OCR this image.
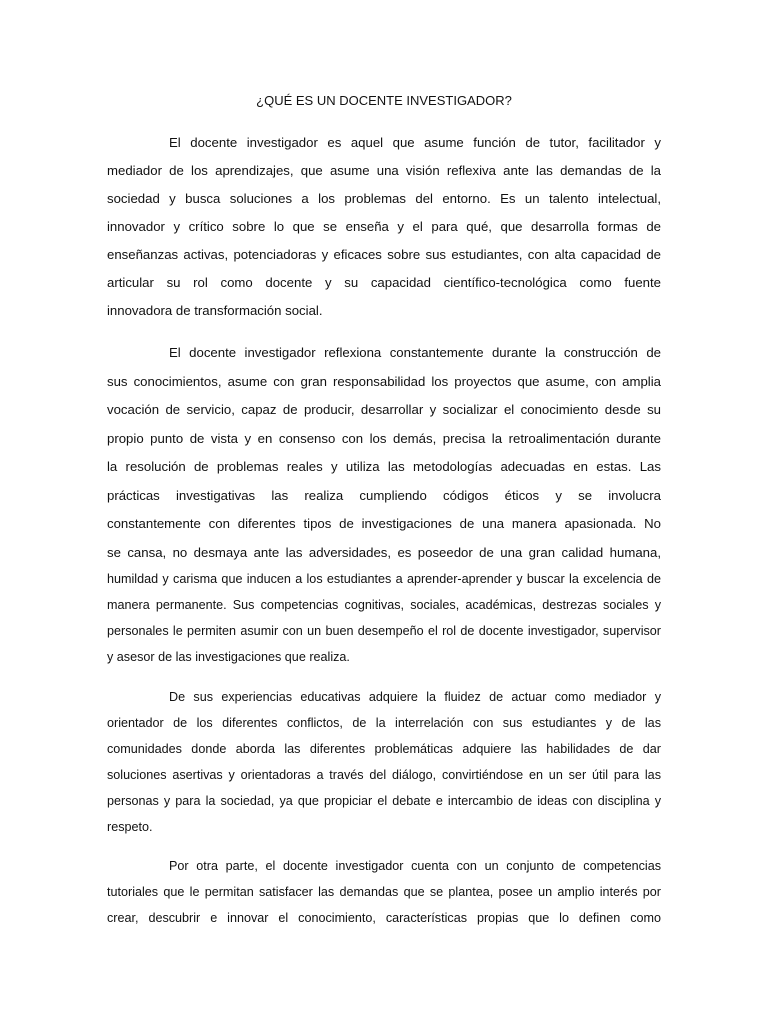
¿QUÉ ES UN DOCENTE INVESTIGADOR?
El docente investigador es aquel que asume función de tutor, facilitador y
mediador de los aprendizajes, que asume una visión reflexiva ante las demandas de la
sociedad y busca soluciones a los problemas del entorno. Es un talento intelectual,
innovador y crítico sobre lo que se enseña y el para qué, que desarrolla formas de
enseñanzas activas, potenciadoras y eficaces sobre sus estudiantes, con alta capacidad de
articular su rol como docente y su capacidad científico-tecnológica como fuente
innovadora de transformación social.
El docente investigador reflexiona constantemente durante la construcción de
sus conocimientos, asume con gran responsabilidad los proyectos que asume, con amplia
vocación de servicio, capaz de producir, desarrollar y socializar el conocimiento desde su
propio punto de vista y en consenso con los demás, precisa la retroalimentación durante
la resolución de problemas reales y utiliza las metodologías adecuadas en estas. Las
prácticas investigativas las realiza cumpliendo códigos éticos y se involucra
constantemente con diferentes tipos de investigaciones de una manera apasionada. No
se cansa, no desmaya ante las adversidades, es poseedor de una gran calidad humana,
humildad y carisma que inducen a los estudiantes a aprender-aprender y buscar la excelencia de
manera permanente. Sus competencias cognitivas, sociales, académicas, destrezas sociales y
personales le permiten asumir con un buen desempeño el rol de docente investigador, supervisor
y asesor de las investigaciones que realiza.
De sus experiencias educativas adquiere la fluidez de actuar como mediador y
orientador de los diferentes conflictos, de la interrelación con sus estudiantes y de las
comunidades donde aborda las diferentes problemáticas adquiere las habilidades de dar
soluciones asertivas y orientadoras a través del diálogo, convirtiéndose en un ser útil para las
personas y para la sociedad, ya que propiciar el debate e intercambio de ideas con disciplina y
respeto.
Por otra parte, el docente investigador cuenta con un conjunto de competencias
tutoriales que le permitan satisfacer las demandas que se plantea, posee un amplio interés por
crear, descubrir e innovar el conocimiento, características propias que lo definen como
